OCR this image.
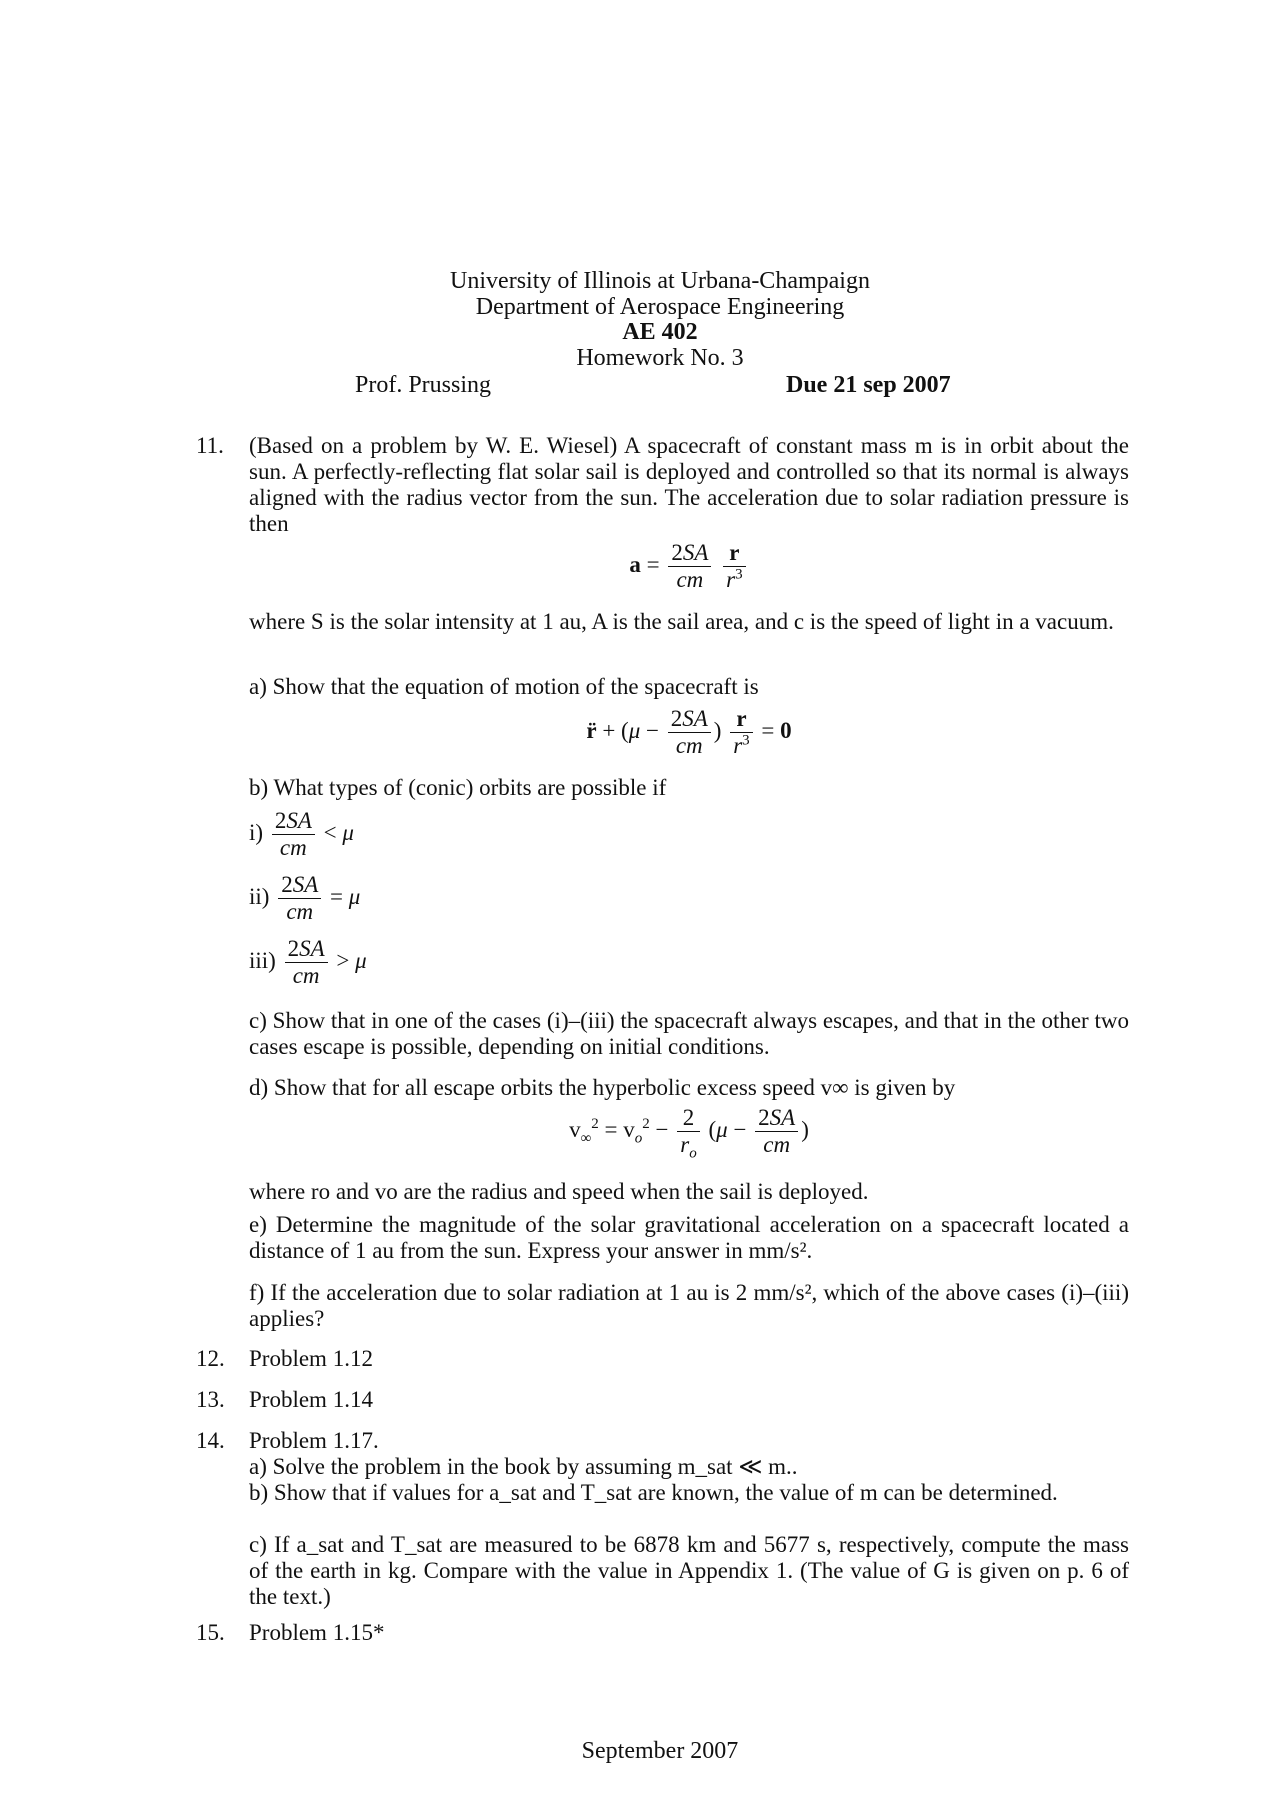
University of Illinois at Urbana-Champaign
Department of Aerospace Engineering
AE 402
Homework No. 3
Prof. Prussing	Due 21 sep 2007
11. (Based on a problem by W. E. Wiesel) A spacecraft of constant mass m is in orbit about the sun. A perfectly-reflecting flat solar sail is deployed and controlled so that its normal is always aligned with the radius vector from the sun. The acceleration due to solar radiation pressure is then
$a = \frac{2SA}{cm}$
$\frac{r}{r^3}$
where S is the solar intensity at 1 au, A is the sail area, and c is the speed of light in a vacuum.
a) Show that the equation of motion of the spacecraft is
r̈ + ($\mu - \frac{2SA}{cm}$ ) $\frac{r}{r^3} = 0$
b) What types of (conic) orbits are possible if
$i) \frac{2SA}{cm} < \mu$
$ii) \frac{2SA}{cm} = \mu$
$iii) \frac{2SA}{cm} > \mu$
c) Show that in one of the cases (i)–(iii) the spacecraft always escapes, and that in the other two cases escape is possible, depending on initial conditions.
d) Show that for all escape orbits the hyperbolic excess speed v∞ is given by
$v_\infty^2 = v_o^2 - \frac{2}{r_o} (\mu - \frac{2SA}{cm}$ )
where ro and vo are the radius and speed when the sail is deployed.
e) Determine the magnitude of the solar gravitational acceleration on a spacecraft located a distance of 1 au from the sun. Express your answer in mm/s².
f) If the acceleration due to solar radiation at 1 au is 2 mm/s², which of the above cases (i)–(iii) applies?
12. Problem 1.12
13. Problem 1.14
14. Problem 1.17.
a) Solve the problem in the book by assuming m_sat ≪ m..
b) Show that if values for a_sat and T_sat are known, the value of m can be determined.
c) If a_sat and T_sat are measured to be 6878 km and 5677 s, respectively, compute the mass of the earth in kg. Compare with the value in Appendix 1. (The value of G is given on p. 6 of the text.)
15. Problem 1.15*
September 2007
